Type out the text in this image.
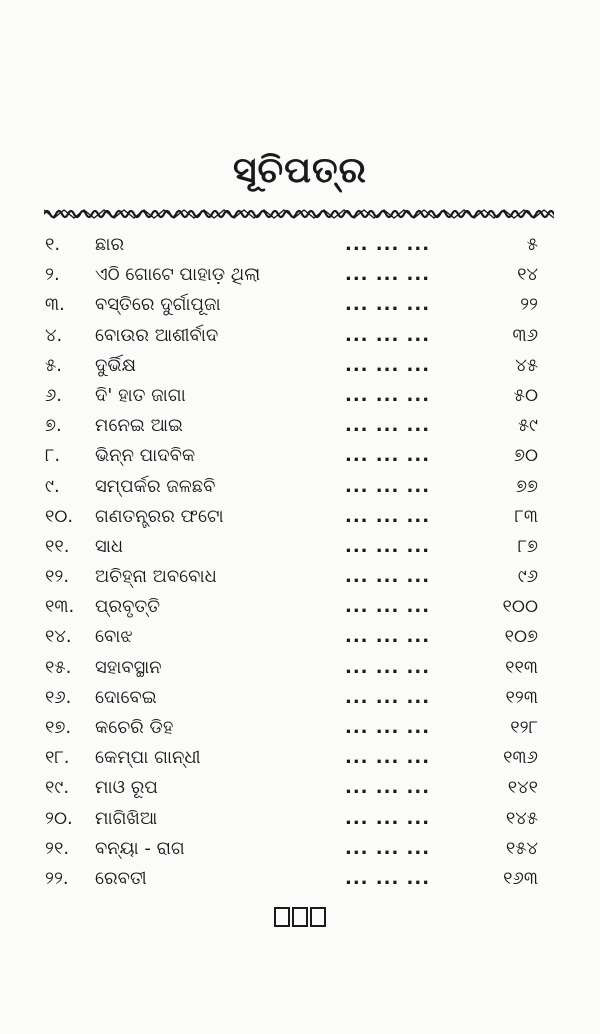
ସୂଚିପତ୍ର
୧.	ଛାର	... ... ...	୫
୨.	ଏଠି ଗୋଟେ ପାହାଡ଼ ଥିଲା	... ... ...	୧୪
୩.	ବସ୍ତିରେ ଦୁର୍ଗାପୂଜା	... ... ...	୨୨
୪.	ବୋଉର ଆଶୀର୍ବାଦ	... ... ...	୩୬
୫.	ଦୁର୍ଭିକ୍ଷ	... ... ...	୪୫
୬.	ଦି' ହାତ ଜାଗା	... ... ...	୫୦
୭.	ମନେଇ ଆଇ	... ... ...	୫୯
୮.	ଭିନ୍ନ ପାଦବିକ	... ... ...	୭୦
୯.	ସମ୍ପର୍କର ଜଳଛବି	... ... ...	୭୭
୧୦.	ଗଣତନ୍ତ୍ରର ଫଟୋ	... ... ...	୮୩
୧୧.	ସାଧ	... ... ...	୮୭
୧୨.	ଅଚିହ୍ନା ଅବବୋଧ	... ... ...	୯୬
୧୩.	ପ୍ରବୃତ୍ତି	... ... ...	୧୦୦
୧୪.	ବୋଝ	... ... ...	୧୦୭
୧୫.	ସହାବସ୍ଥାନ	... ... ...	୧୧୩
୧୬.	ଦୋବେଇ	... ... ...	୧୨୩
୧୭.	କଚେରି ଡିହ	... ... ...	୧୨୮
୧୮.	କେମ୍ପା ଗାନ୍ଧୀ	... ... ...	୧୩୬
୧୯.	ମାଓ ରୂପ	... ... ...	୧୪୧
୨୦.	ମାଗିଖିଆ	... ... ...	୧୪୫
୨୧.	ବନ୍ୟା - ରାଗ	... ... ...	୧୫୪
୨୨.	ରେବତୀ	... ... ...	୧୬୩
